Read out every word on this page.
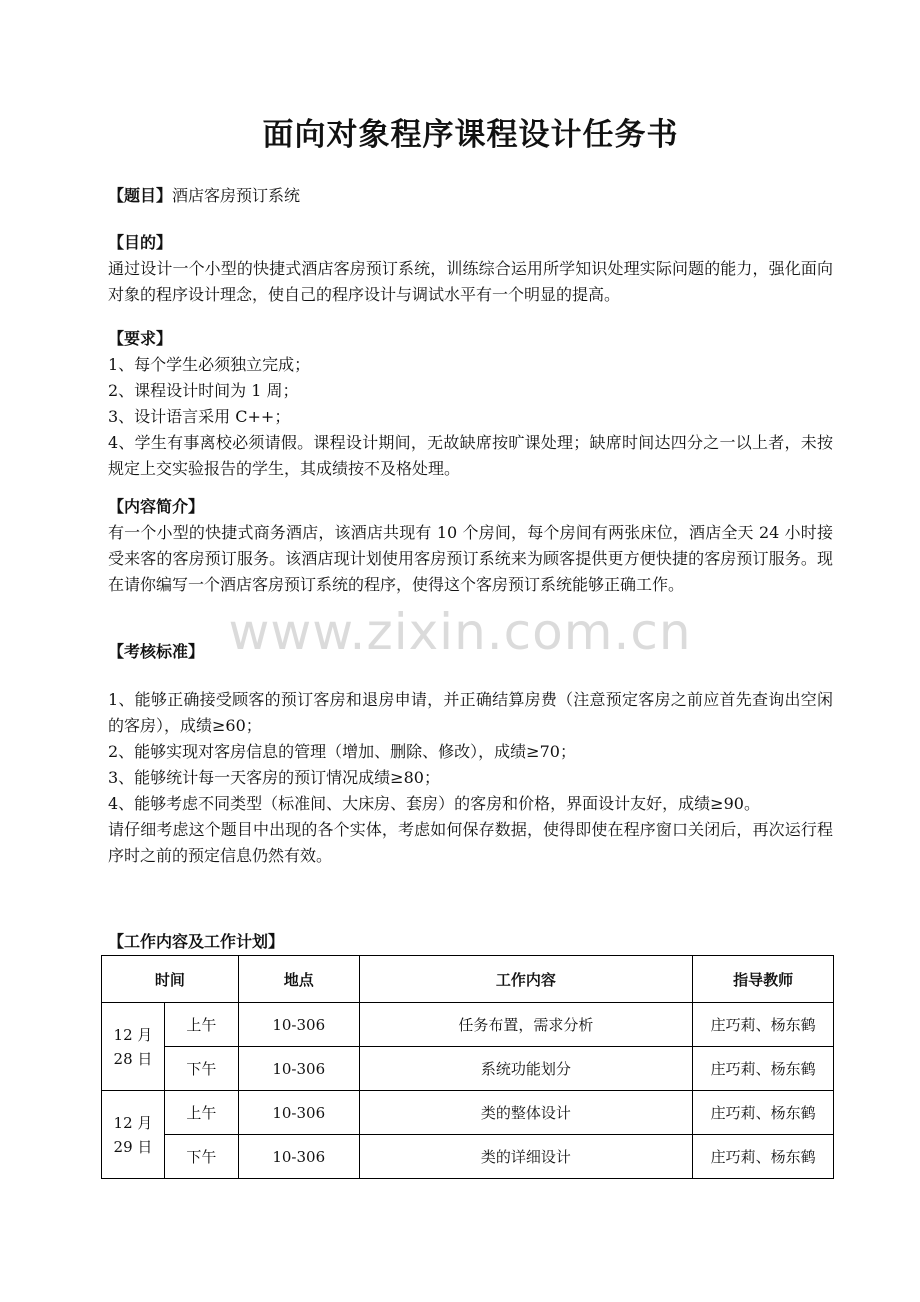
www.zixin.com.cn
面向对象程序课程设计任务书

【题目】酒店客房预订系统

【目的】

通过设计一个小型的快捷式酒店客房预订系统，训练综合运用所学知识处理实际问题的能力，强化面向对象的程序设计理念，使自己的程序设计与调试水平有一个明显的提高。

【要求】

1、每个学生必须独立完成；

2、课程设计时间为 1 周；

3、设计语言采用 C++；

4、学生有事离校必须请假。课程设计期间，无故缺席按旷课处理；缺席时间达四分之一以上者，未按规定上交实验报告的学生，其成绩按不及格处理。

【内容简介】

有一个小型的快捷式商务酒店，该酒店共现有 10 个房间，每个房间有两张床位，酒店全天 24 小时接受来客的客房预订服务。该酒店现计划使用客房预订系统来为顾客提供更方便快捷的客房预订服务。现在请你编写一个酒店客房预订系统的程序，使得这个客房预订系统能够正确工作。

【考核标准】

1、能够正确接受顾客的预订客房和退房申请，并正确结算房费（注意预定客房之前应首先查询出空闲的客房），成绩≥60；

2、能够实现对客房信息的管理（增加、删除、修改），成绩≥70；

3、能够统计每一天客房的预订情况成绩≥80；

4、能够考虑不同类型（标准间、大床房、套房）的客房和价格，界面设计友好，成绩≥90。

请仔细考虑这个题目中出现的各个实体，考虑如何保存数据，使得即使在程序窗口关闭后，再次运行程序时之前的预定信息仍然有效。

【工作内容及工作计划】

时间		地点	工作内容	指导教师

12 月
28 日	上午	10-306	任务布置，需求分析	庄巧莉、杨东鹤
	下午	10-306	系统功能划分	庄巧莉、杨东鹤

12 月
29 日	上午	10-306	类的整体设计	庄巧莉、杨东鹤
	下午	10-306	类的详细设计	庄巧莉、杨东鹤
